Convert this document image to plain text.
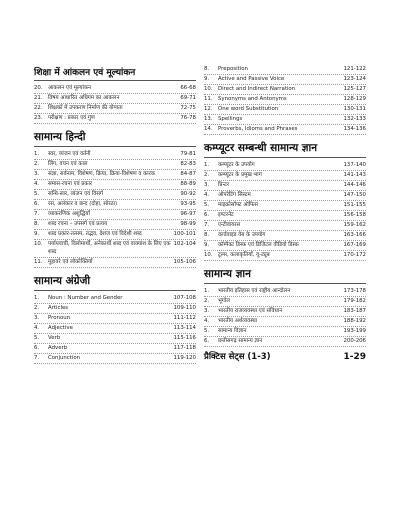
शिक्षा में आंकलन एवं मूल्यांकन
20.	आकलन एवं मूल्यांकन	66-68
21.	विषय आधारित अधिगम का आकलन	69-71
22.	शिक्षकों में उपकरण निर्माण की योग्यता	72-75
23.	परीक्षण : प्रकार एवं गुण	76-78
सामान्य हिन्दी
1.	स्वर, व्यंजन एवं वर्तनी	79-81
2.	लिंग, वचन एवं काल	82-83
3.	संज्ञा, सर्वनाम, विशेषण, क्रिया, क्रिया-विशेषण व कारक	84-87
4.	समास-रचना एवं प्रकार	88-89
5.	सन्धि-स्वर, व्यंजन एवं विसर्ग	90-92
6.	रस, अलंकार व छन्द (दोहा, सोरठा)	93-95
7.	व्याकरणिक अशुद्धियाँ	96-97
8.	शब्द रचना – उपसर्ग एवं प्रत्यय	98-99
9.	शब्द प्रकार-तत्सम, तद्भव, देशज एवं विदेशी शब्द	100-101
10.	पर्यायवाची, विलोमार्थी, अनेकार्थी शब्द एवं वाक्यांश के लिए एक शब्द
102-104
11.	मुहावरे एवं लोकोक्तियाँ	105-106
सामान्य अंग्रेजी
1.	Noun : Number and Gender	107-108
2.	Articles	109-110
3.	Pronoun	111-112
4.	Adjective	113-114
5.	Verb	115-116
6.	Adverb	117-118
7.	Conjunction	119-120
8.	Preposition	121-122
9.	Active and Passive Voice	123-124
10.	Direct and Indirect Narration	125-127
11.	Synonyms and Antonyms	128-129
12.	One word Substitution	130-131
13.	Spellings	132-133
14.	Proverbs, Idioms and Phrases	134-136
कम्प्यूटर सम्बन्धी सामान्य ज्ञान
1.	कम्प्यूटर के उपयोग	137-140
2.	कम्प्यूटर के प्रमुख भाग	141-143
3.	प्रिन्टर	144-146
4.	ऑपरेटिंग सिस्टम	147-150
5.	माइक्रोसॉफ्ट ऑफिस	151-155
6.	इण्टरनेट	156-158
7.	एन्टीवायरस	159-162
8.	वर्ल्डवाइड वेब के उपयोग	163-166
9.	कॉम्पैक्ट डिस्क एवं डिजिटल वीडियो डिस्क	167-169
10.	टूल्स, कलाकृतियाँ, यू-ट्यूब	170-172
सामान्य ज्ञान
1.	भारतीय इतिहास एवं राष्ट्रीय आन्दोलन	173-178
2.	भूगोल	179-182
3.	भारतीय राजव्यवस्था एवं संविधान	183-187
4.	भारतीय अर्थव्यवस्था	188-192
5.	सामान्य विज्ञान	193-199
6.	छत्तीसगढ़ सामान्य ज्ञान	200-206
प्रैक्टिस सेट्स (1-3)	1-29
